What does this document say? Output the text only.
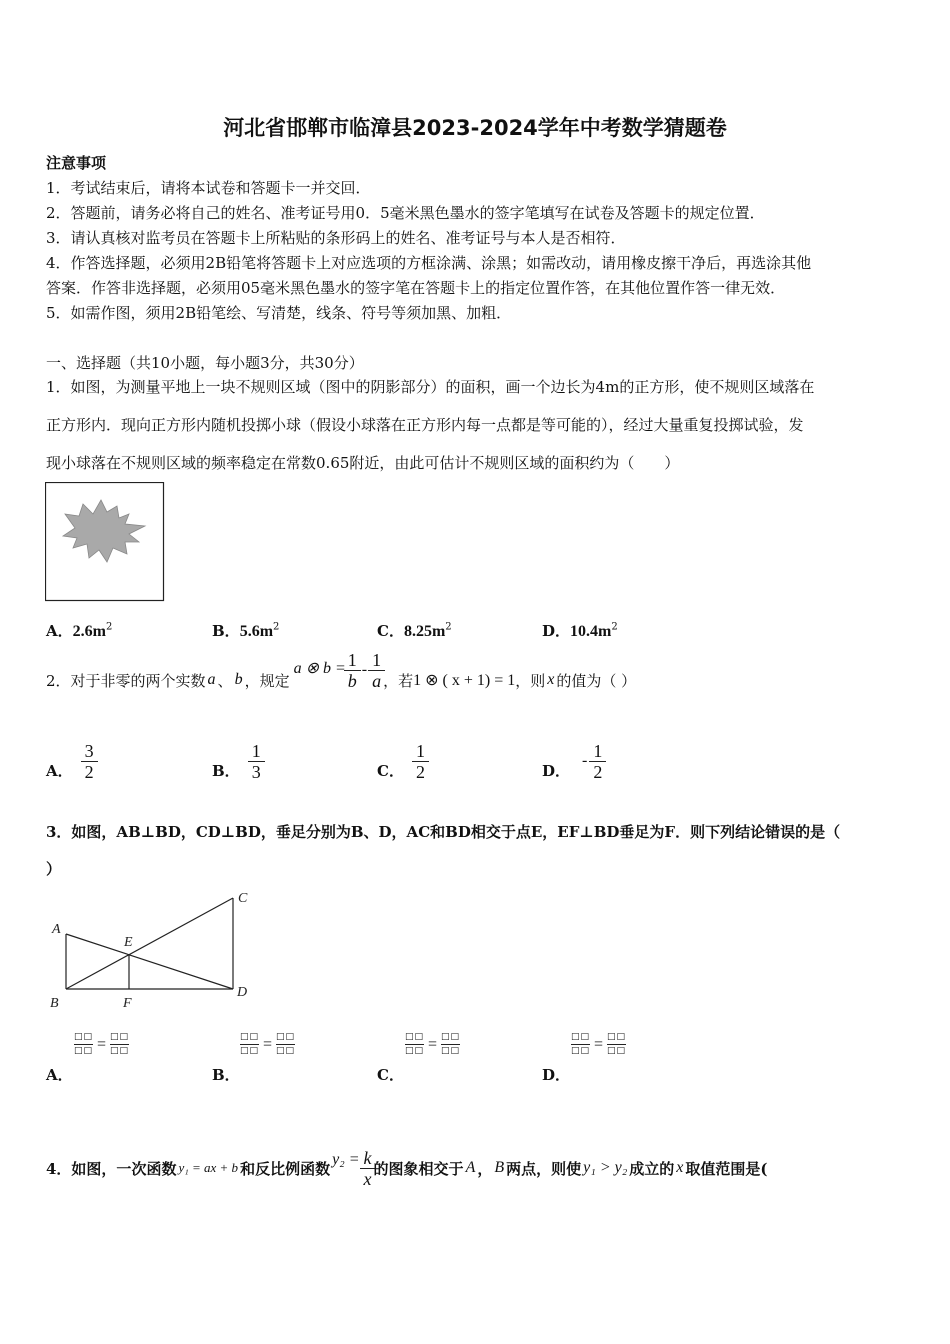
河北省邯郸市临漳县2023-2024学年中考数学猜题卷
注意事项
1．考试结束后，请将本试卷和答题卡一并交回．
2．答题前，请务必将自己的姓名、准考证号用0．5毫米黑色墨水的签字笔填写在试卷及答题卡的规定位置．
3．请认真核对监考员在答题卡上所粘贴的条形码上的姓名、准考证号与本人是否相符．
4．作答选择题，必须用2B铅笔将答题卡上对应选项的方框涂满、涂黑；如需改动，请用橡皮擦干净后，再选涂其他
答案．作答非选择题，必须用05毫米黑色墨水的签字笔在答题卡上的指定位置作答，在其他位置作答一律无效．
5．如需作图，须用2B铅笔绘、写清楚，线条、符号等须加黑、加粗．
一、选择题（共10小题，每小题3分，共30分）
1．如图，为测量平地上一块不规则区域（图中的阴影部分）的面积，画一个边长为4m的正方形，使不规则区域落在
正方形内．现向正方形内随机投掷小球（假设小球落在正方形内每一点都是等可能的），经过大量重复投掷试验，发
现小球落在不规则区域的频率稳定在常数0.65附近，由此可估计不规则区域的面积约为（　　）
A．$2.6m^2$	B．$5.6m^2$	C．$8.25m^2$	D．$10.4m^2$
2．对于非零的两个实数 a 、 b ，规定
a ⊗ $b = \frac{1}{b} - \frac{1}{a}$ ，若 1 ⊗ ( x + 1) = 1 ，则 x 的值为（ ）
A． $\frac{3}{2}$	B． $\frac{1}{3}$	C． $\frac{1}{2}$	D．
- $\frac{1}{2}$
3．如图，AB⊥BD，CD⊥BD，垂足分别为B、D，AC和BD相交于点E，EF⊥BD垂足为F．则下列结论错误的是（
）
A
B
C
D
E
F
$\frac{□□}{□□} = \frac{□□}{□□}$
A．
$\frac{□□}{□□} = \frac{□□}{□□}$
B．
$\frac{□□}{□□} = \frac{□□}{□□}$
C．
$\frac{□□}{□□} = \frac{□□}{□□}$
D．
4．如图，一次函数 y₁ = ax + b 和反比例函数 $y_2 = \frac{k}{x}$ 的图象相交于 A ， B 两点，则使 y₁ > y₂ 成立的 x 取值范围是(
